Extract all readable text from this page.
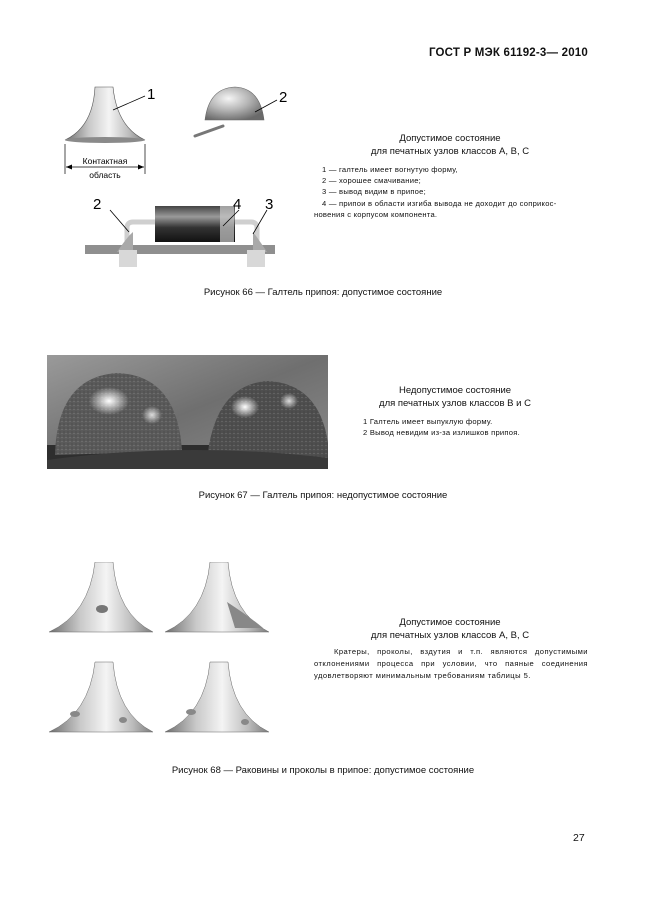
ГОСТ Р МЭК 61192-3— 2010
1
Контактная
область
2
2	4 3
Допустимое состояние
для печатных узлов классов А, В, С
1 — галтель имеет вогнутую форму,
2 — хорошее смачивание;
3 — вывод видим в припое;
4 — припои в области изгиба вывода не доходит до соприкос-
новения с корпусом компонента.
Рисунок 66 — Галтель припоя: допустимое состояние
Недопустимое состояние
для печатных узлов классов В и С
1 Галтель имеет выпуклую форму.
2 Вывод невидим из-за излишков припоя.
Рисунок 67 — Галтель припоя: недопустимое состояние
Допустимое состояние
для печатных узлов классов А, В, С
Кратеры, проколы, вздутия и т.п. являются допустимыми отклонениями процесса при условии, что паяные соединения удовлетворяют минимальным требованиям таблицы 5.
Рисунок 68 — Раковины и проколы в припое: допустимое состояние
27
